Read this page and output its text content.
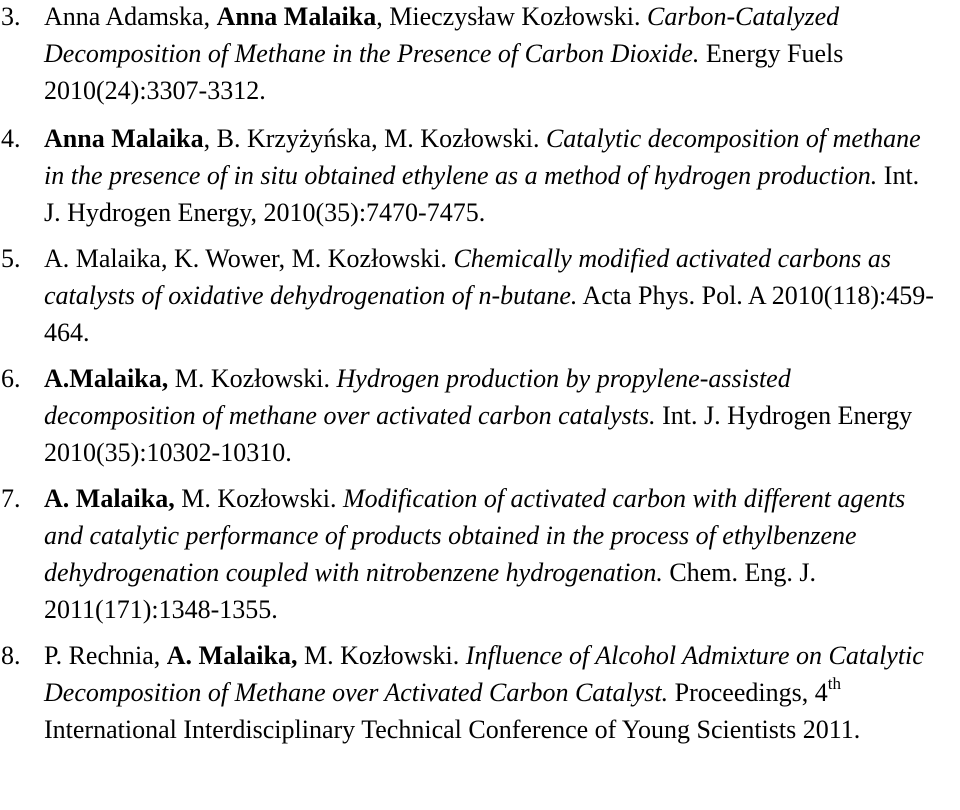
3. Anna Adamska, Anna Malaika, Mieczysław Kozłowski. Carbon-Catalyzed Decomposition of Methane in the Presence of Carbon Dioxide. Energy Fuels 2010(24):3307-3312.
4. Anna Malaika, B. Krzyżyńska, M. Kozłowski. Catalytic decomposition of methane in the presence of in situ obtained ethylene as a method of hydrogen production. Int. J. Hydrogen Energy, 2010(35):7470-7475.
5. A. Malaika, K. Wower, M. Kozłowski. Chemically modified activated carbons as catalysts of oxidative dehydrogenation of n-butane. Acta Phys. Pol. A 2010(118):459-464.
6. A.Malaika, M. Kozłowski. Hydrogen production by propylene-assisted decomposition of methane over activated carbon catalysts. Int. J. Hydrogen Energy 2010(35):10302-10310.
7. A. Malaika, M. Kozłowski. Modification of activated carbon with different agents and catalytic performance of products obtained in the process of ethylbenzene dehydrogenation coupled with nitrobenzene hydrogenation. Chem. Eng. J. 2011(171):1348-1355.
8. P. Rechnia, A. Malaika, M. Kozłowski. Influence of Alcohol Admixture on Catalytic Decomposition of Methane over Activated Carbon Catalyst. Proceedings, 4th International Interdisciplinary Technical Conference of Young Scientists 2011.
